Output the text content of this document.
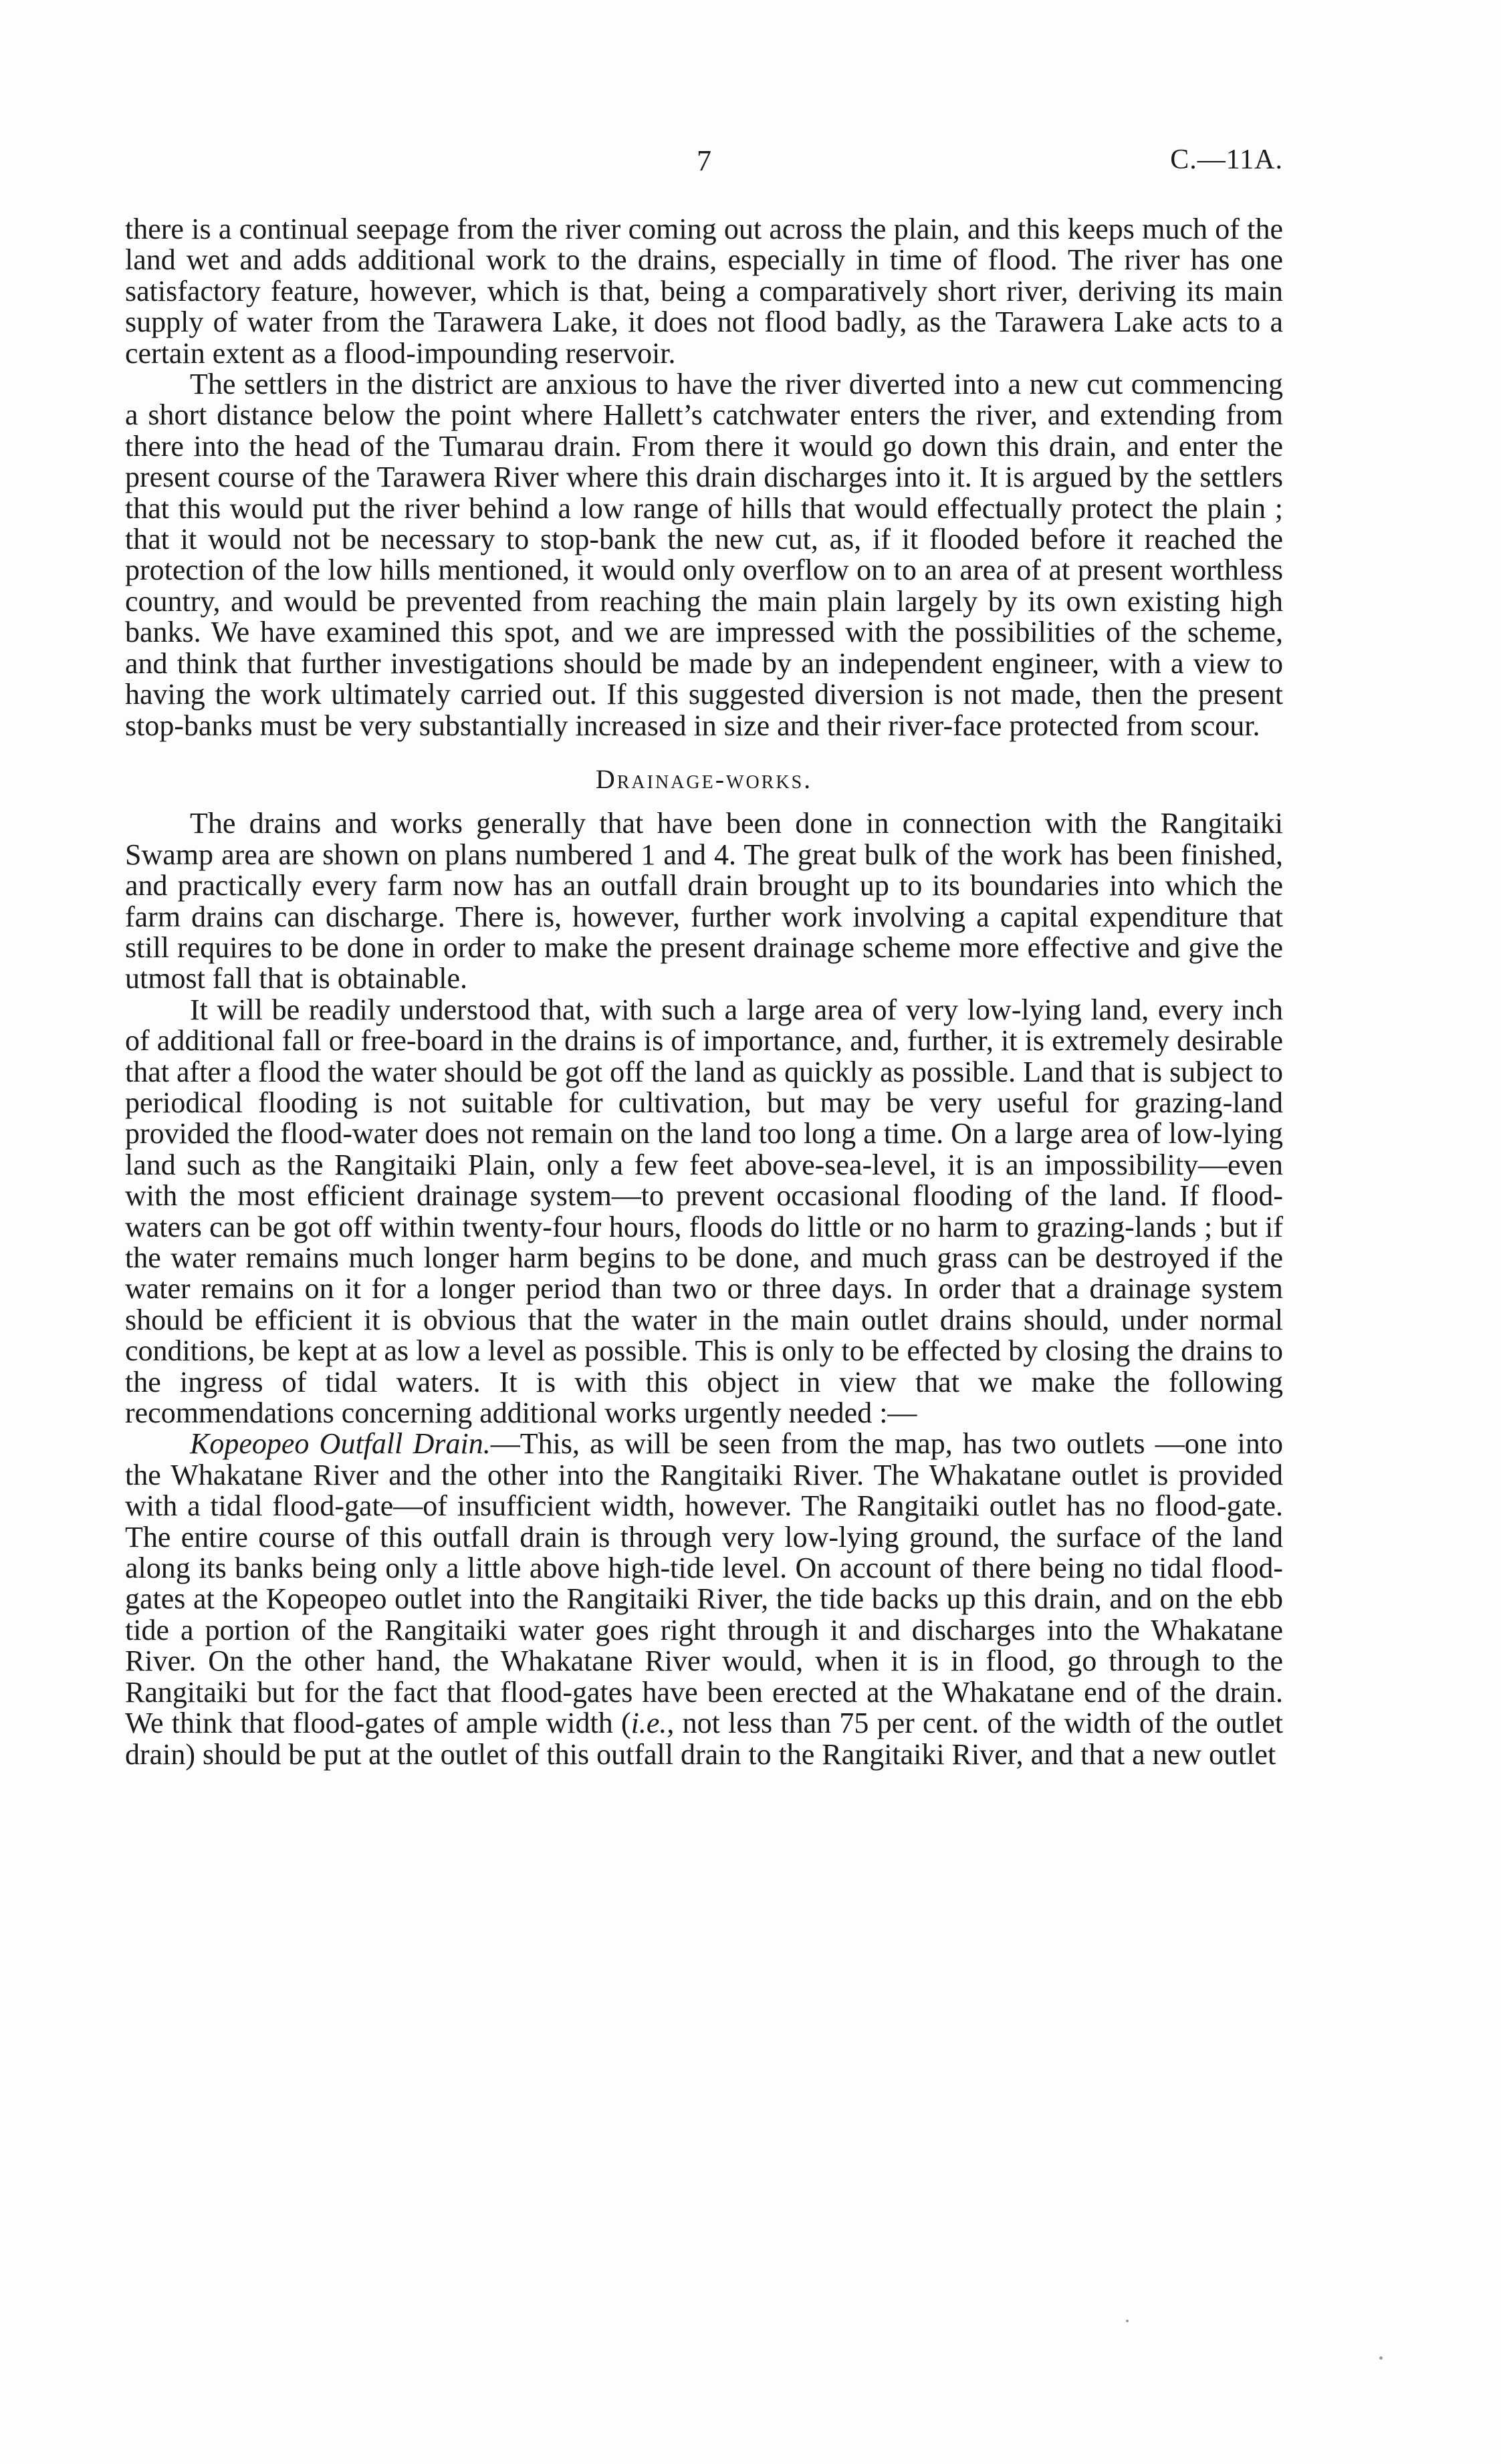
7	C.—11A.

there is a continual seepage from the river coming out across the plain, and this keeps much of the land wet and adds additional work to the drains, especially in time of flood. The river has one satisfactory feature, however, which is that, being a comparatively short river, deriving its main supply of water from the Tarawera Lake, it does not flood badly, as the Tarawera Lake acts to a certain extent as a flood-impounding reservoir.

The settlers in the district are anxious to have the river diverted into a new cut commencing a short distance below the point where Hallett’s catchwater enters the river, and extending from there into the head of the Tumarau drain. From there it would go down this drain, and enter the present course of the Tarawera River where this drain discharges into it. It is argued by the settlers that this would put the river behind a low range of hills that would effectually protect the plain ; that it would not be necessary to stop-bank the new cut, as, if it flooded before it reached the protection of the low hills mentioned, it would only overflow on to an area of at present worthless country, and would be prevented from reaching the main plain largely by its own existing high banks. We have examined this spot, and we are impressed with the possibilities of the scheme, and think that further investigations should be made by an independent engineer, with a view to having the work ultimately carried out. If this suggested diversion is not made, then the present stop-banks must be very substantially increased in size and their river-face protected from scour.

Drainage-works.

The drains and works generally that have been done in connection with the Rangitaiki Swamp area are shown on plans numbered 1 and 4. The great bulk of the work has been finished, and practically every farm now has an outfall drain brought up to its boundaries into which the farm drains can discharge. There is, however, further work involving a capital expenditure that still requires to be done in order to make the present drainage scheme more effective and give the utmost fall that is obtainable.

It will be readily understood that, with such a large area of very low-lying land, every inch of additional fall or free-board in the drains is of importance, and, further, it is extremely desirable that after a flood the water should be got off the land as quickly as possible. Land that is subject to periodical flooding is not suitable for cultivation, but may be very useful for grazing-land provided the flood-water does not remain on the land too long a time. On a large area of low-lying land such as the Rangitaiki Plain, only a few feet above-sea-level, it is an impossibility—even with the most efficient drainage system—to prevent occasional flooding of the land. If flood-waters can be got off within twenty-four hours, floods do little or no harm to grazing-lands ; but if the water remains much longer harm begins to be done, and much grass can be destroyed if the water remains on it for a longer period than two or three days. In order that a drainage system should be efficient it is obvious that the water in the main outlet drains should, under normal conditions, be kept at as low a level as possible. This is only to be effected by closing the drains to the ingress of tidal waters. It is with this object in view that we make the following recommendations concerning additional works urgently needed :—

Kopeopeo Outfall Drain.—This, as will be seen from the map, has two outlets —one into the Whakatane River and the other into the Rangitaiki River. The Whakatane outlet is provided with a tidal flood-gate—of insufficient width, however. The Rangitaiki outlet has no flood-gate. The entire course of this outfall drain is through very low-lying ground, the surface of the land along its banks being only a little above high-tide level. On account of there being no tidal flood-gates at the Kopeopeo outlet into the Rangitaiki River, the tide backs up this drain, and on the ebb tide a portion of the Rangitaiki water goes right through it and discharges into the Whakatane River. On the other hand, the Whakatane River would, when it is in flood, go through to the Rangitaiki but for the fact that flood-gates have been erected at the Whakatane end of the drain. We think that flood-gates of ample width (i.e., not less than 75 per cent. of the width of the outlet drain) should be put at the outlet of this outfall drain to the Rangitaiki River, and that a new outlet
